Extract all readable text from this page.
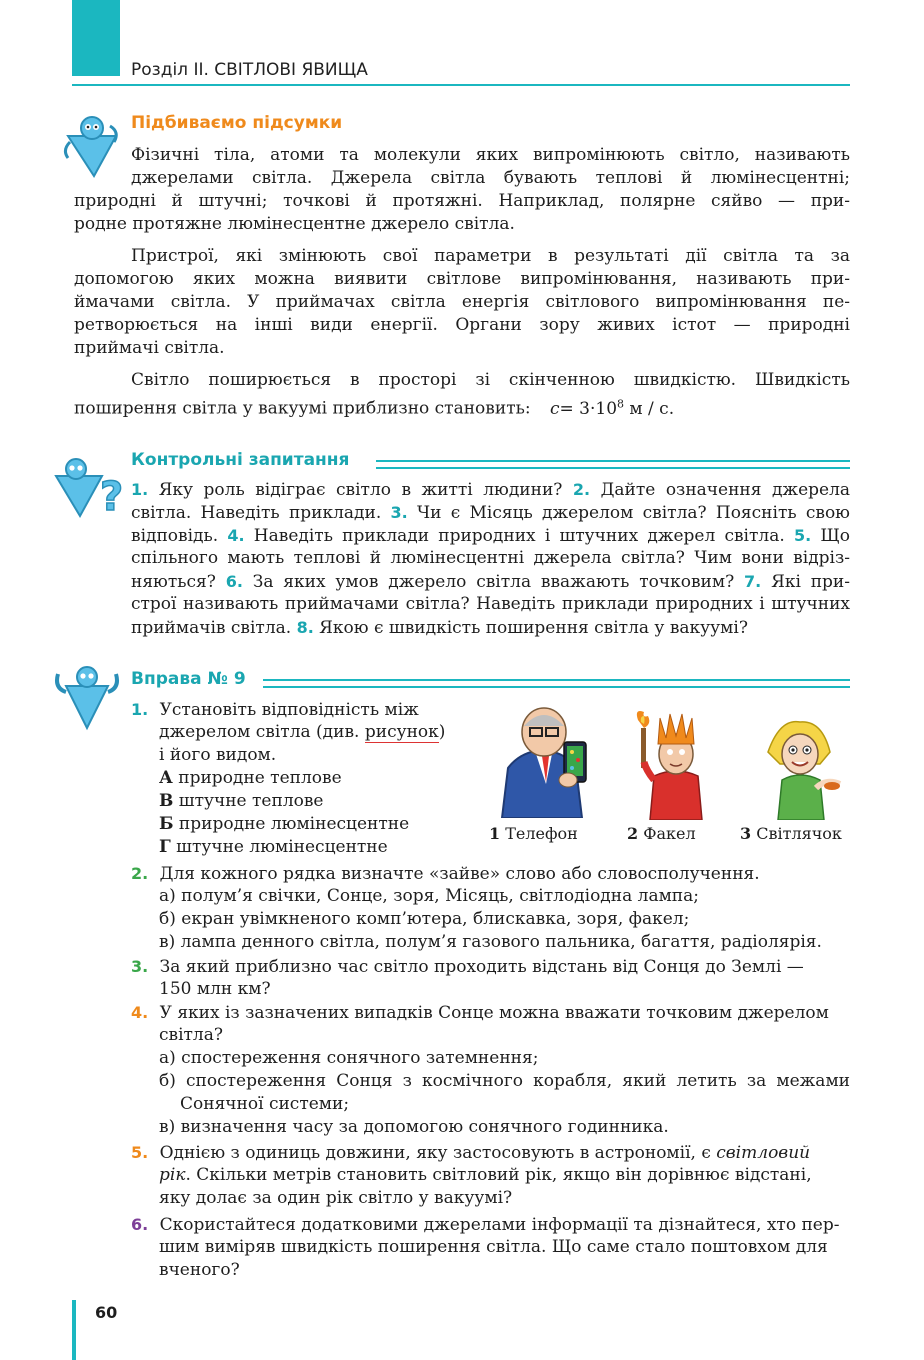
Розділ II. СВІТЛОВІ ЯВИЩА
Підбиваємо підсумки
Фізичні тіла, атоми та молекули яких випромінюють світло, називають
джерелами світла. Джерела світла бувають теплові й люмінесцентні;
природні й штучні; точкові й протяжні. Наприклад, полярне сяйво — при-
родне протяжне люмінесцентне джерело світла.
Пристрої, які змінюють свої параметри в результаті дії світла та за
допомогою яких можна виявити світлове випромінювання, називають при-
ймачами світла. У приймачах світла енергія світлового випромінювання пе-
ретворюється на інші види енергії. Органи зору живих істот — природні
приймачі світла.
Світло поширюється в просторі зі скінченною швидкістю. Швидкість
поширення світла у вакуумі приблизно становить: $c= 3\cdot 10^8$ м / с.
?
Контрольні запитання
1. Яку роль відіграє світло в житті людини? 2. Дайте означення джерела
світла. Наведіть приклади. 3. Чи є Місяць джерелом світла? Поясніть свою
відповідь. 4. Наведіть приклади природних і штучних джерел світла. 5. Що
спільного мають теплові й люмінесцентні джерела світла? Чим вони відріз-
няються? 6. За яких умов джерело світла вважають точковим? 7. Які при-
строї називають приймачами світла? Наведіть приклади природних і штучних
приймачів світла. 8. Якою є швидкість поширення світла у вакуумі?
Вправа № 9
1. Установіть відповідність між
джерелом світла (див. рисунок)
і його видом.
А природне теплове
В штучне теплове
Б природне люмінесцентне
Г штучне люмінесцентне
1 Телефон	2 Факел	3 Світлячок
2. Для кожного рядка визначте «зайве» слово або словосполучення.
а) полум’я свічки, Сонце, зоря, Місяць, світлодіодна лампа;
б) екран увімкненого комп’ютера, блискавка, зоря, факел;
в) лампа денного світла, полум’я газового пальника, багаття, радіолярія.
3. За який приблизно час світло проходить відстань від Сонця до Землі —
150 млн км?
4. У яких із зазначених випадків Сонце можна вважати точковим джерелом
світла?
а) спостереження сонячного затемнення;
б) спостереження Сонця з космічного корабля, який летить за межами
Сонячної системи;
в) визначення часу за допомогою сонячного годинника.
5. Однією з одиниць довжини, яку застосовують в астрономії, є світловий
рік. Скільки метрів становить світловий рік, якщо він дорівнює відстані,
яку долає за один рік світло у вакуумі?
6. Скористайтеся додатковими джерелами інформації та дізнайтеся, хто пер-
шим виміряв швидкість поширення світла. Що саме стало поштовхом для
вченого?
60
